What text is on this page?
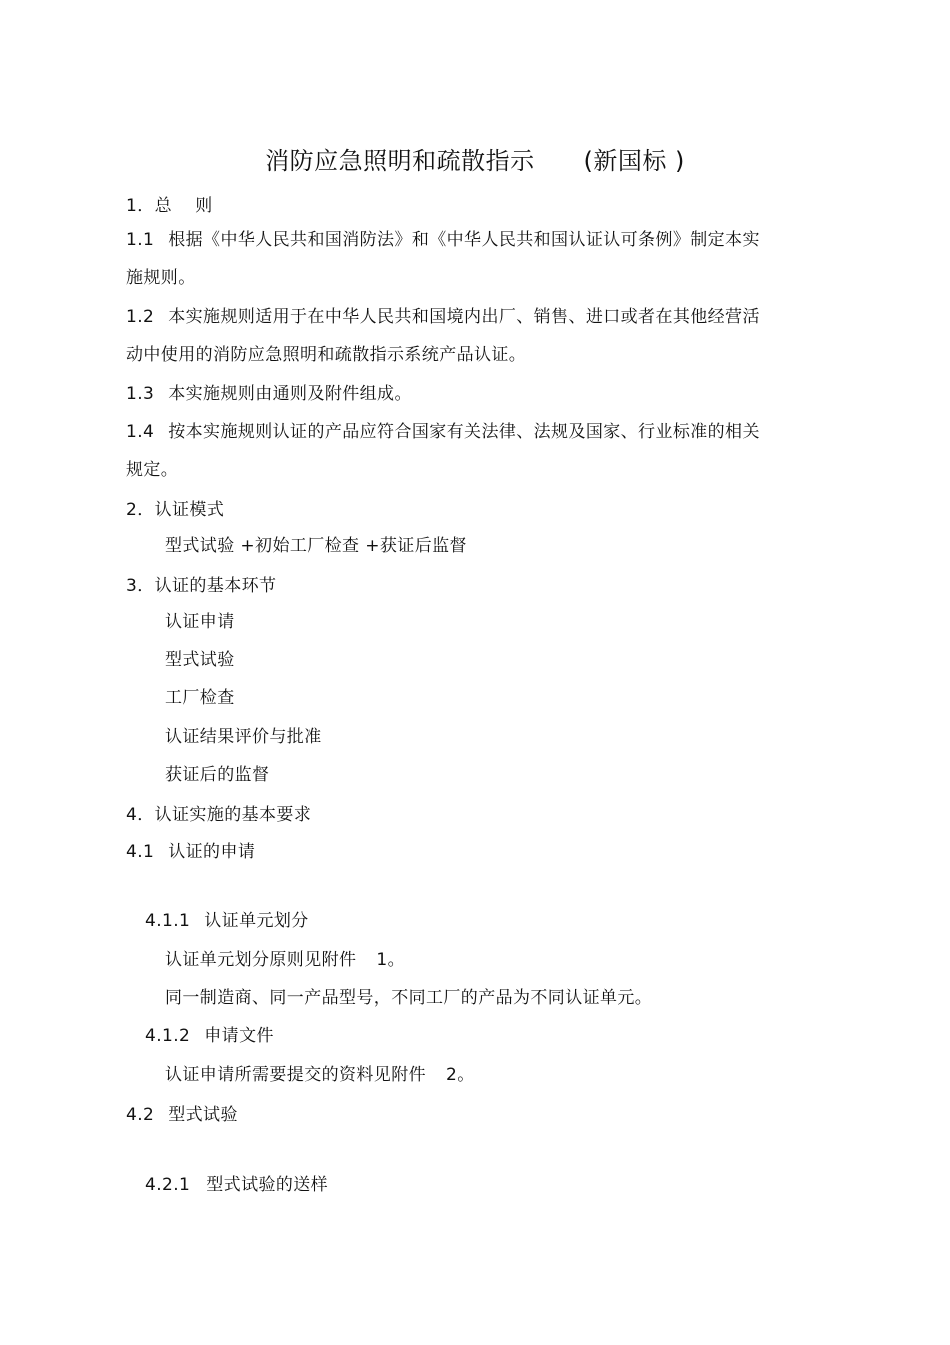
消防应急照明和疏散指示 (新国标 )
1．总　 则
1.1 根据《中华人民共和国消防法》和《中华人民共和国认证认可条例》制定本实
施规则。
1.2 本实施规则适用于在中华人民共和国境内出厂、销售、进口或者在其他经营活
动中使用的消防应急照明和疏散指示系统产品认证。
1.3 本实施规则由通则及附件组成。
1.4 按本实施规则认证的产品应符合国家有关法律、法规及国家、行业标准的相关
规定。
2．认证模式
型式试验 +初始工厂检查 +获证后监督
3．认证的基本环节
认证申请
型式试验
工厂检查
认证结果评价与批准
获证后的监督
4．认证实施的基本要求
4.1 认证的申请
4.1.1 认证单元划分
认证单元划分原则见附件 1。
同一制造商、同一产品型号，不同工厂的产品为不同认证单元。
4.1.2 申请文件
认证申请所需要提交的资料见附件 2。
4.2 型式试验
4.2.1 型式试验的送样
